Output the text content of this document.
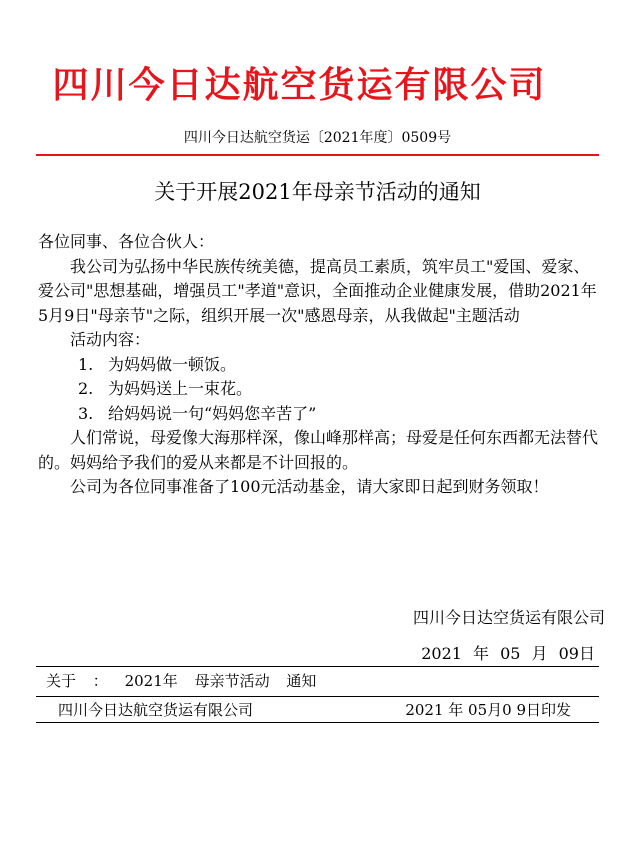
四川今日达航空货运有限公司
四川今日达航空货运〔2021年度〕0509号
关于开展2021年母亲节活动的通知

各位同事、各位合伙人：

我公司为弘扬中华民族传统美德，提高员工素质，筑牢员工"爱国、爱家、爱公司"思想基础，增强员工"孝道"意识，全面推动企业健康发展，借助2021年5月9日"母亲节"之际，组织开展一次"感恩母亲，从我做起"主题活动

活动内容：

1. 为妈妈做一顿饭。

2. 为妈妈送上一束花。

3. 给妈妈说一句“妈妈您辛苦了”

人们常说，母爱像大海那样深，像山峰那样高；母爱是任何东西都无法替代的。妈妈给予我们的爱从来都是不计回报的。

公司为各位同事准备了100元活动基金，请大家即日起到财务领取！

四川今日达空货运有限公司
2021 年 05 月 09日
关于 ： 2021年 母亲节活动 通知
四川今日达航空货运有限公司	2021 年 05月0 9日印发
